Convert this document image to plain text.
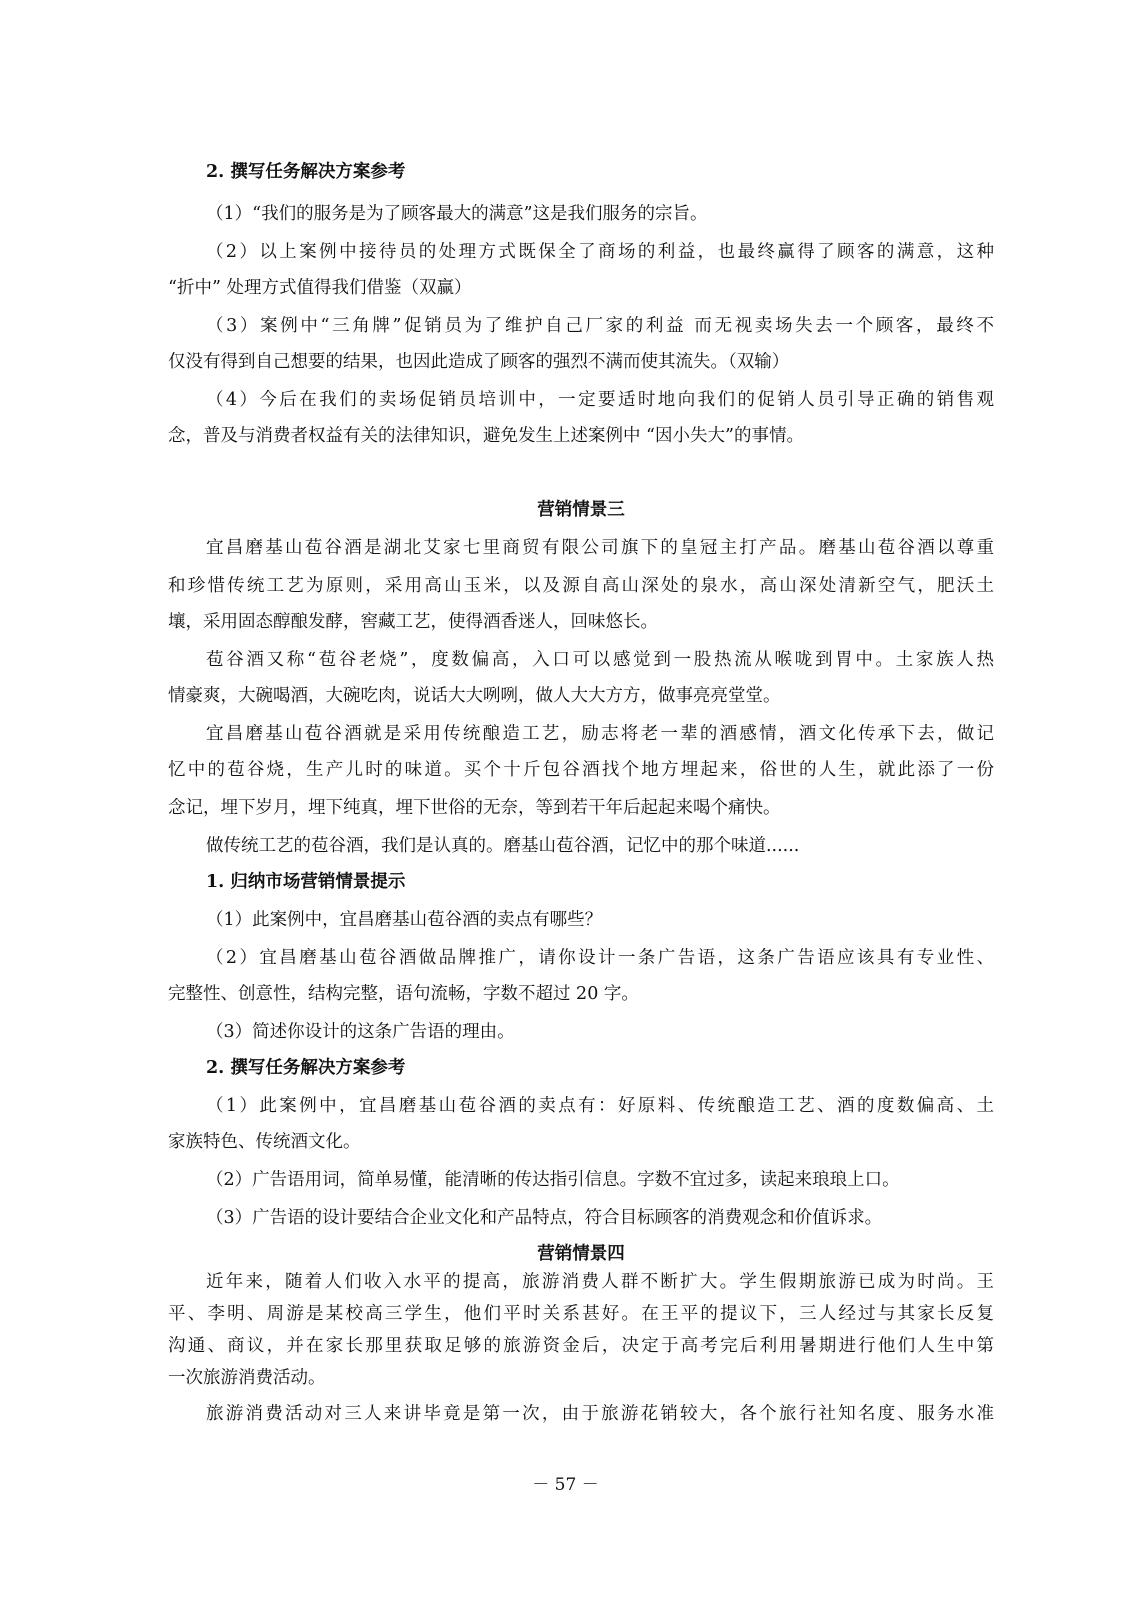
2. 撰写任务解决方案参考

（1）“我们的服务是为了顾客最大的满意”这是我们服务的宗旨。

（2）以上案例中接待员的处理方式既保全了商场的利益，也最终赢得了顾客的满意，这种

“折中” 处理方式值得我们借鉴（双赢）

（3）案例中“三角牌”促销员为了维护自己厂家的利益 而无视卖场失去一个顾客，最终不

仅没有得到自己想要的结果，也因此造成了顾客的强烈不满而使其流失。（双输）

（4）今后在我们的卖场促销员培训中，一定要适时地向我们的促销人员引导正确的销售观

念，普及与消费者权益有关的法律知识，避免发生上述案例中 “因小失大”的事情。

营销情景三

宜昌磨基山苞谷酒是湖北艾家七里商贸有限公司旗下的皇冠主打产品。磨基山苞谷酒以尊重

和珍惜传统工艺为原则，采用高山玉米，以及源自高山深处的泉水，高山深处清新空气，肥沃土

壤，采用固态醇酿发酵，窖藏工艺，使得酒香迷人，回味悠长。

苞谷酒又称“苞谷老烧”，度数偏高，入口可以感觉到一股热流从喉咙到胃中。土家族人热

情豪爽，大碗喝酒，大碗吃肉，说话大大咧咧，做人大大方方，做事亮亮堂堂。

宜昌磨基山苞谷酒就是采用传统酿造工艺，励志将老一辈的酒感情，酒文化传承下去，做记

忆中的苞谷烧，生产儿时的味道。买个十斤包谷酒找个地方埋起来，俗世的人生，就此添了一份

念记，埋下岁月，埋下纯真，埋下世俗的无奈，等到若干年后起起来喝个痛快。

做传统工艺的苞谷酒，我们是认真的。磨基山苞谷酒，记忆中的那个味道......

1. 归纳市场营销情景提示

（1）此案例中，宜昌磨基山苞谷酒的卖点有哪些？

（2）宜昌磨基山苞谷酒做品牌推广，请你设计一条广告语，这条广告语应该具有专业性、

完整性、创意性，结构完整，语句流畅，字数不超过 20 字。

（3）简述你设计的这条广告语的理由。

2. 撰写任务解决方案参考

（1）此案例中，宜昌磨基山苞谷酒的卖点有：好原料、传统酿造工艺、酒的度数偏高、土

家族特色、传统酒文化。

（2）广告语用词，简单易懂，能清晰的传达指引信息。字数不宜过多，读起来琅琅上口。

（3）广告语的设计要结合企业文化和产品特点，符合目标顾客的消费观念和价值诉求。

营销情景四

近年来，随着人们收入水平的提高，旅游消费人群不断扩大。学生假期旅游已成为时尚。王

平、李明、周游是某校高三学生，他们平时关系甚好。在王平的提议下，三人经过与其家长反复

沟通、商议，并在家长那里获取足够的旅游资金后，决定于高考完后利用暑期进行他们人生中第

一次旅游消费活动。

旅游消费活动对三人来讲毕竟是第一次，由于旅游花销较大，各个旅行社知名度、服务水准

－ 57 －
